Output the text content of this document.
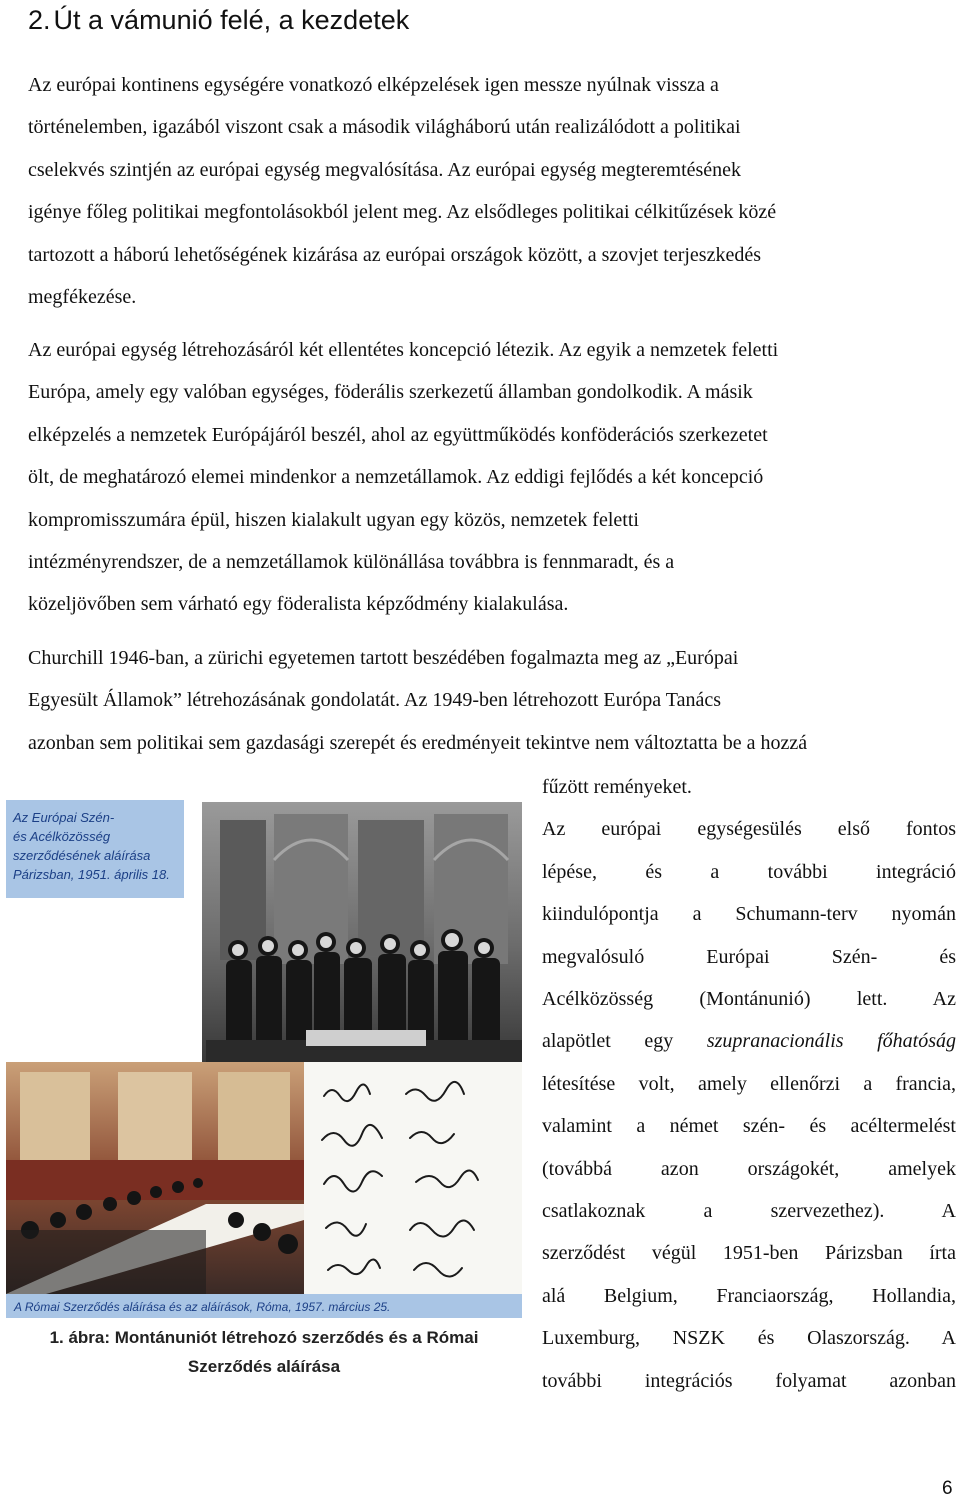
2. Út a vámunió felé, a kezdetek

Az európai kontinens egységére vonatkozó elképzelések igen messze nyúlnak vissza a
történelemben, igazából viszont csak a második világháború után realizálódott a politikai
cselekvés szintjén az európai egység megvalósítása. Az európai egység megteremtésének
igénye főleg politikai megfontolásokból jelent meg. Az elsődleges politikai célkitűzések közé
tartozott a háború lehetőségének kizárása az európai országok között, a szovjet terjeszkedés
megfékezése.

Az európai egység létrehozásáról két ellentétes koncepció létezik. Az egyik a nemzetek feletti
Európa, amely egy valóban egységes, föderális szerkezetű államban gondolkodik. A másik
elképzelés a nemzetek Európájáról beszél, ahol az együttműködés konföderációs szerkezetet
ölt, de meghatározó elemei mindenkor a nemzetállamok. Az eddigi fejlődés a két koncepció
kompromisszumára épül, hiszen kialakult ugyan egy közös, nemzetek feletti
intézményrendszer, de a nemzetállamok különállása továbbra is fennmaradt, és a
közeljövőben sem várható egy föderalista képződmény kialakulása.

Churchill 1946-ban, a zürichi egyetemen tartott beszédében fogalmazta meg az „Európai
Egyesült Államok” létrehozásának gondolatát. Az 1949-ben létrehozott Európa Tanács
azonban sem politikai sem gazdasági szerepét és eredményeit tekintve nem változtatta be a hozzá

Az Európai Szén-
és Acélközösség
szerződésének aláírása
Párizsban, 1951. április 18.
A Római Szerződés aláírása és az aláírások, Róma, 1957. március 25.

1. ábra: Montánuniót létrehozó szerződés és a Római
Szerződés aláírása

fűzött reményeket.
Az európai egységesülés első fontos
lépése, és a további integráció
kiindulópontja a Schumann-terv nyomán
megvalósuló Európai Szén- és
Acélközösség (Montánunió) lett. Az
alapötlet egy szupranacionális főhatóság
létesítése volt, amely ellenőrzi a francia,
valamint a német szén- és acéltermelést
(továbbá azon országokét, amelyek
csatlakoznak a szervezethez). A
szerződést végül 1951-ben Párizsban írta
alá Belgium, Franciaország, Hollandia,
Luxemburg, NSZK és Olaszország. A
további integrációs folyamat azonban

6
